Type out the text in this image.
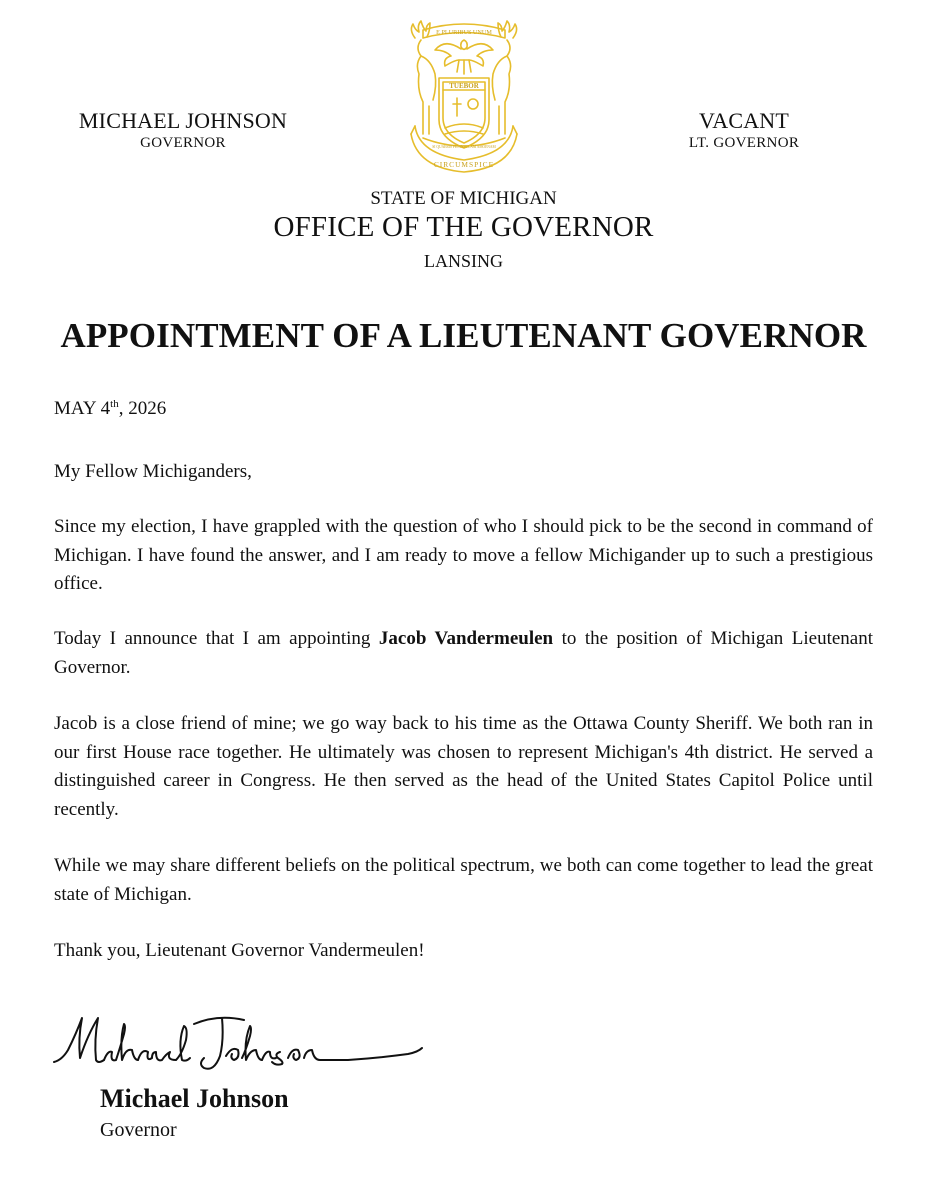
MICHAEL JOHNSON
GOVERNOR
E PLURIBUS UNUM
TUEBOR
SI QUAERIS PENINSULAM AMOENAM
CIRCUMSPICE
VACANT
LT. GOVERNOR
STATE OF MICHIGAN
OFFICE OF THE GOVERNOR
LANSING
APPOINTMENT OF A LIEUTENANT GOVERNOR
MAY 4th, 2026

My Fellow Michiganders,

Since my election, I have grappled with the question of who I should pick to be the second in command of Michigan. I have found the answer, and I am ready to move a fellow Michigander up to such a prestigious office.

Today I announce that I am appointing Jacob Vandermeulen to the position of Michigan Lieutenant Governor.

Jacob is a close friend of mine; we go way back to his time as the Ottawa County Sheriff. We both ran in our first House race together. He ultimately was chosen to represent Michigan's 4th district. He served a distinguished career in Congress. He then served as the head of the United States Capitol Police until recently.

While we may share different beliefs on the political spectrum, we both can come together to lead the great state of Michigan.

Thank you, Lieutenant Governor Vandermeulen!

Michael Johnson
Governor
